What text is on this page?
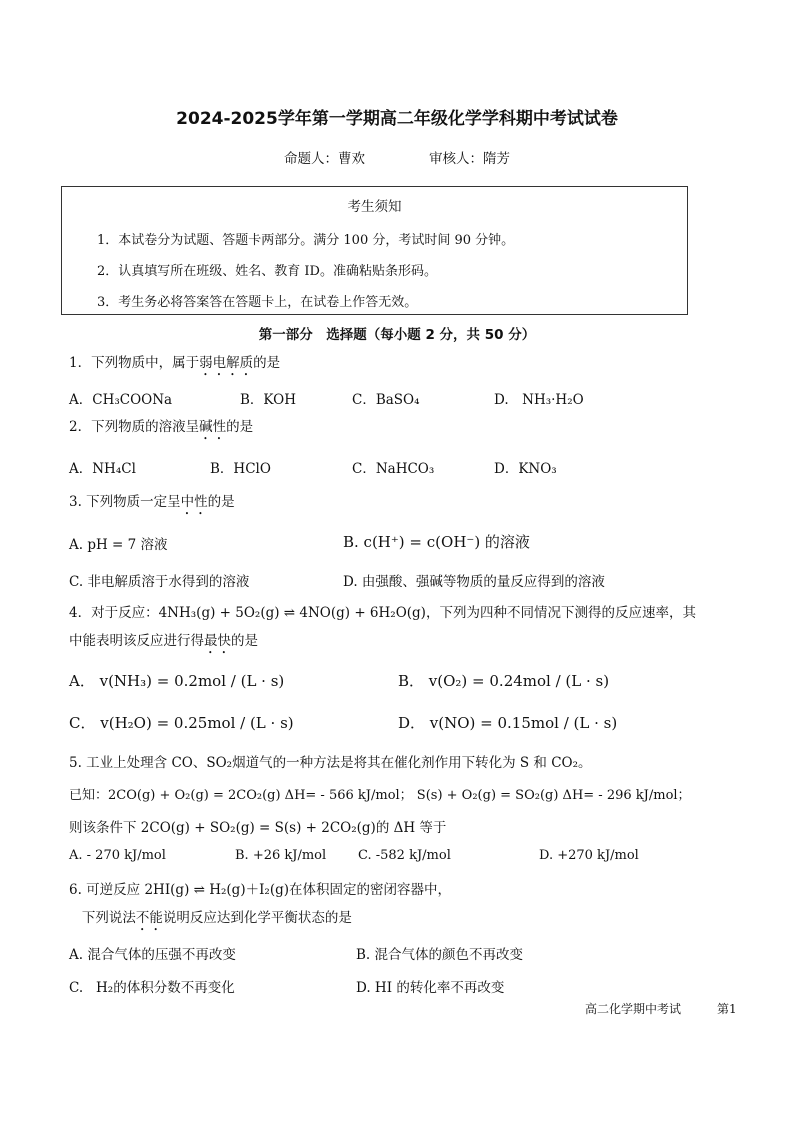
2024-2025学年第一学期高二年级化学学科期中考试试卷
命题人：曹欢	审核人：隋芳
考生须知
1．本试卷分为试题、答题卡两部分。满分 100 分，考试时间 90 分钟。
2．认真填写所在班级、姓名、教育 ID。准确粘贴条形码。
3．考生务必将答案答在答题卡上，在试卷上作答无效。
第一部分　选择题（每小题 2 分，共 50 分）
1．下列物质中，属于弱电解质的是
A．CH₃COONa	B．KOH	C．BaSO₄	D.　NH₃·H₂O
2．下列物质的溶液呈碱性的是
A．NH₄Cl	B．HClO	C．NaHCO₃	D．KNO₃
3. 下列物质一定呈中性的是
A. pH = 7 溶液	B. c(H⁺) = c(OH⁻) 的溶液
C. 非电解质溶于水得到的溶液	D. 由强酸、强碱等物质的量反应得到的溶液
4．对于反应：4NH₃(g) + 5O₂(g) ⇌ 4NO(g) + 6H₂O(g)，下列为四种不同情况下测得的反应速率，其
中能表明该反应进行得最快的是
A． v(NH₃) = 0.2mol / (L · s)	B． v(O₂) = 0.24mol / (L · s)
C． v(H₂O) = 0.25mol / (L · s)	D． v(NO) = 0.15mol / (L · s)
5. 工业上处理含 CO、SO₂烟道气的一种方法是将其在催化剂作用下转化为 S 和 CO₂。
已知：2CO(g) + O₂(g) = 2CO₂(g) ΔH= - 566 kJ/mol； S(s) + O₂(g) = SO₂(g) ΔH= - 296 kJ/mol；
则该条件下 2CO(g) + SO₂(g) = S(s) + 2CO₂(g)的 ΔH 等于
A. - 270 kJ/mol	B. +26 kJ/mol C. -582 kJ/mol	D. +270 kJ/mol
6. 可逆反应 2HI(g) ⇌ H₂(g)＋I₂(g)在体积固定的密闭容器中，
下列说法不能说明反应达到化学平衡状态的是
A. 混合气体的压强不再改变	B. 混合气体的颜色不再改变
C.   H₂的体积分数不再变化	D. HI 的转化率不再改变
高二化学期中考试	第1
